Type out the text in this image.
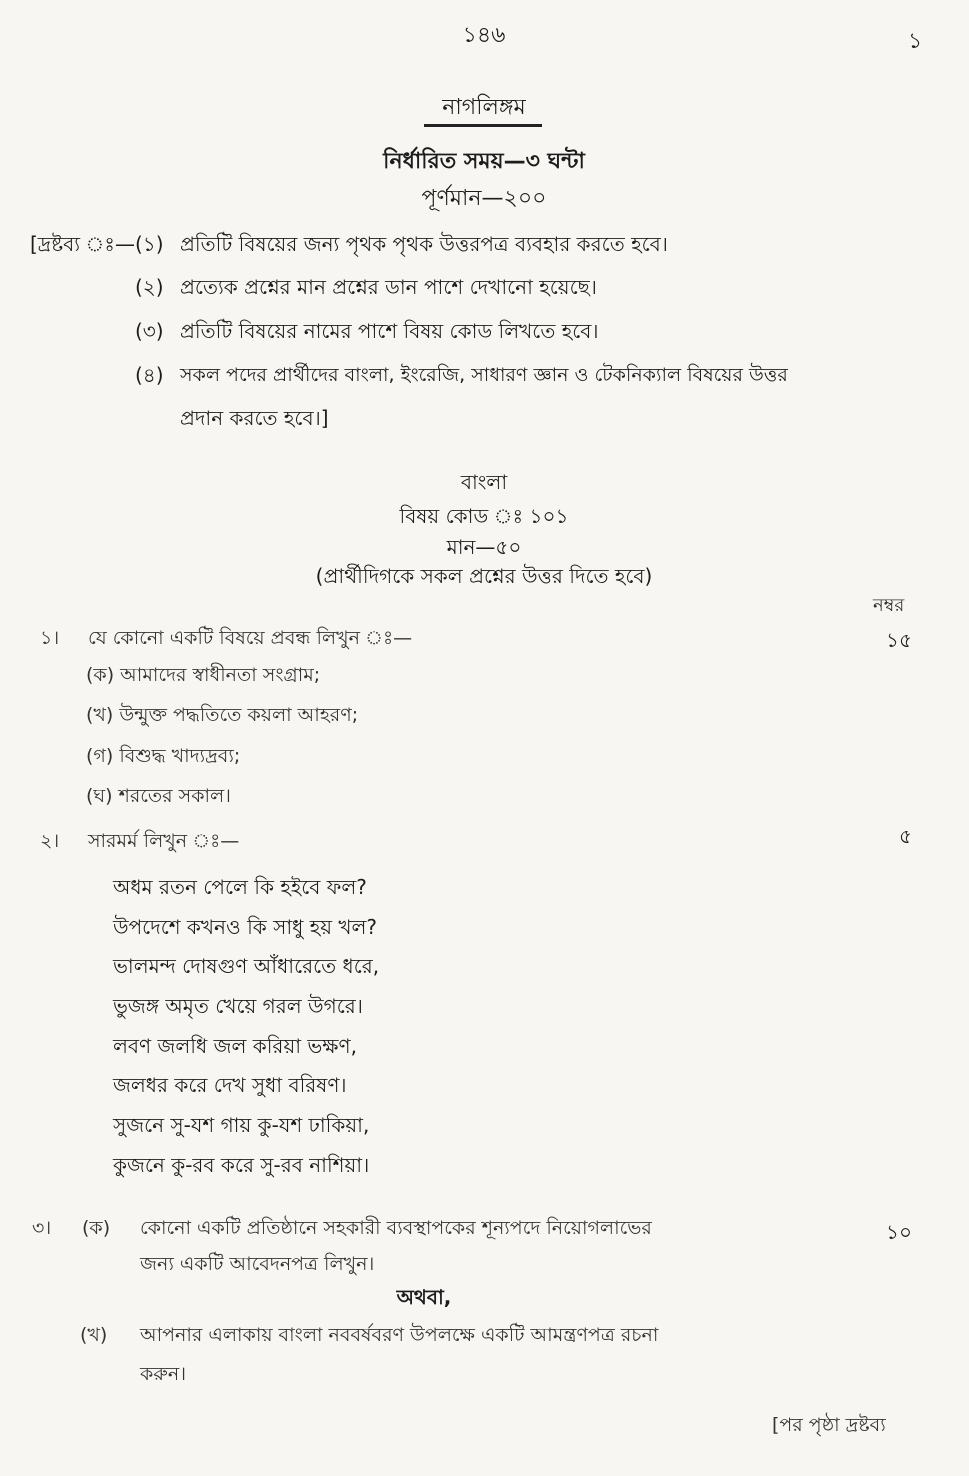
১৪৬	১
নাগলিঙ্গম
নির্ধারিত সময়—৩ ঘন্টা
পূর্ণমান—২০০
[দ্রষ্টব্য ঃ— (১) প্রতিটি বিষয়ের জন্য পৃথক পৃথক উত্তরপত্র ব্যবহার করতে হবে।
(২) প্রত্যেক প্রশ্নের মান প্রশ্নের ডান পাশে দেখানো হয়েছে।
(৩) প্রতিটি বিষয়ের নামের পাশে বিষয় কোড লিখতে হবে।
(৪) সকল পদের প্রার্থীদের বাংলা, ইংরেজি, সাধারণ জ্ঞান ও টেকনিক্যাল বিষয়ের উত্তর
প্রদান করতে হবে।]
বাংলা
বিষয় কোড ঃ ১০১
মান—৫০
(প্রার্থীদিগকে সকল প্রশ্নের উত্তর দিতে হবে)
নম্বর
১। যে কোনো একটি বিষয়ে প্রবন্ধ লিখুন ঃ—	১৫
(ক) আমাদের স্বাধীনতা সংগ্রাম;
(খ) উন্মুক্ত পদ্ধতিতে কয়লা আহরণ;
(গ) বিশুদ্ধ খাদ্যদ্রব্য;
(ঘ) শরতের সকাল।
২। সারমর্ম লিখুন ঃ—	৫
অধম রতন পেলে কি হইবে ফল?
উপদেশে কখনও কি সাধু হয় খল?
ভালমন্দ দোষগুণ আঁধারেতে ধরে,
ভুজঙ্গ অমৃত খেয়ে গরল উগরে।
লবণ জলধি জল করিয়া ভক্ষণ,
জলধর করে দেখ সুধা বরিষণ।
সুজনে সু-যশ গায় কু-যশ ঢাকিয়া,
কুজনে কু-রব করে সু-রব নাশিয়া।
৩। (ক) কোনো একটি প্রতিষ্ঠানে সহকারী ব্যবস্থাপকের শূন্যপদে নিয়োগলাভের
জন্য একটি আবেদনপত্র লিখুন।
১০
অথবা,
(খ) আপনার এলাকায় বাংলা নববর্ষবরণ উপলক্ষে একটি আমন্ত্রণপত্র রচনা
করুন।
[পর পৃষ্ঠা দ্রষ্টব্য
